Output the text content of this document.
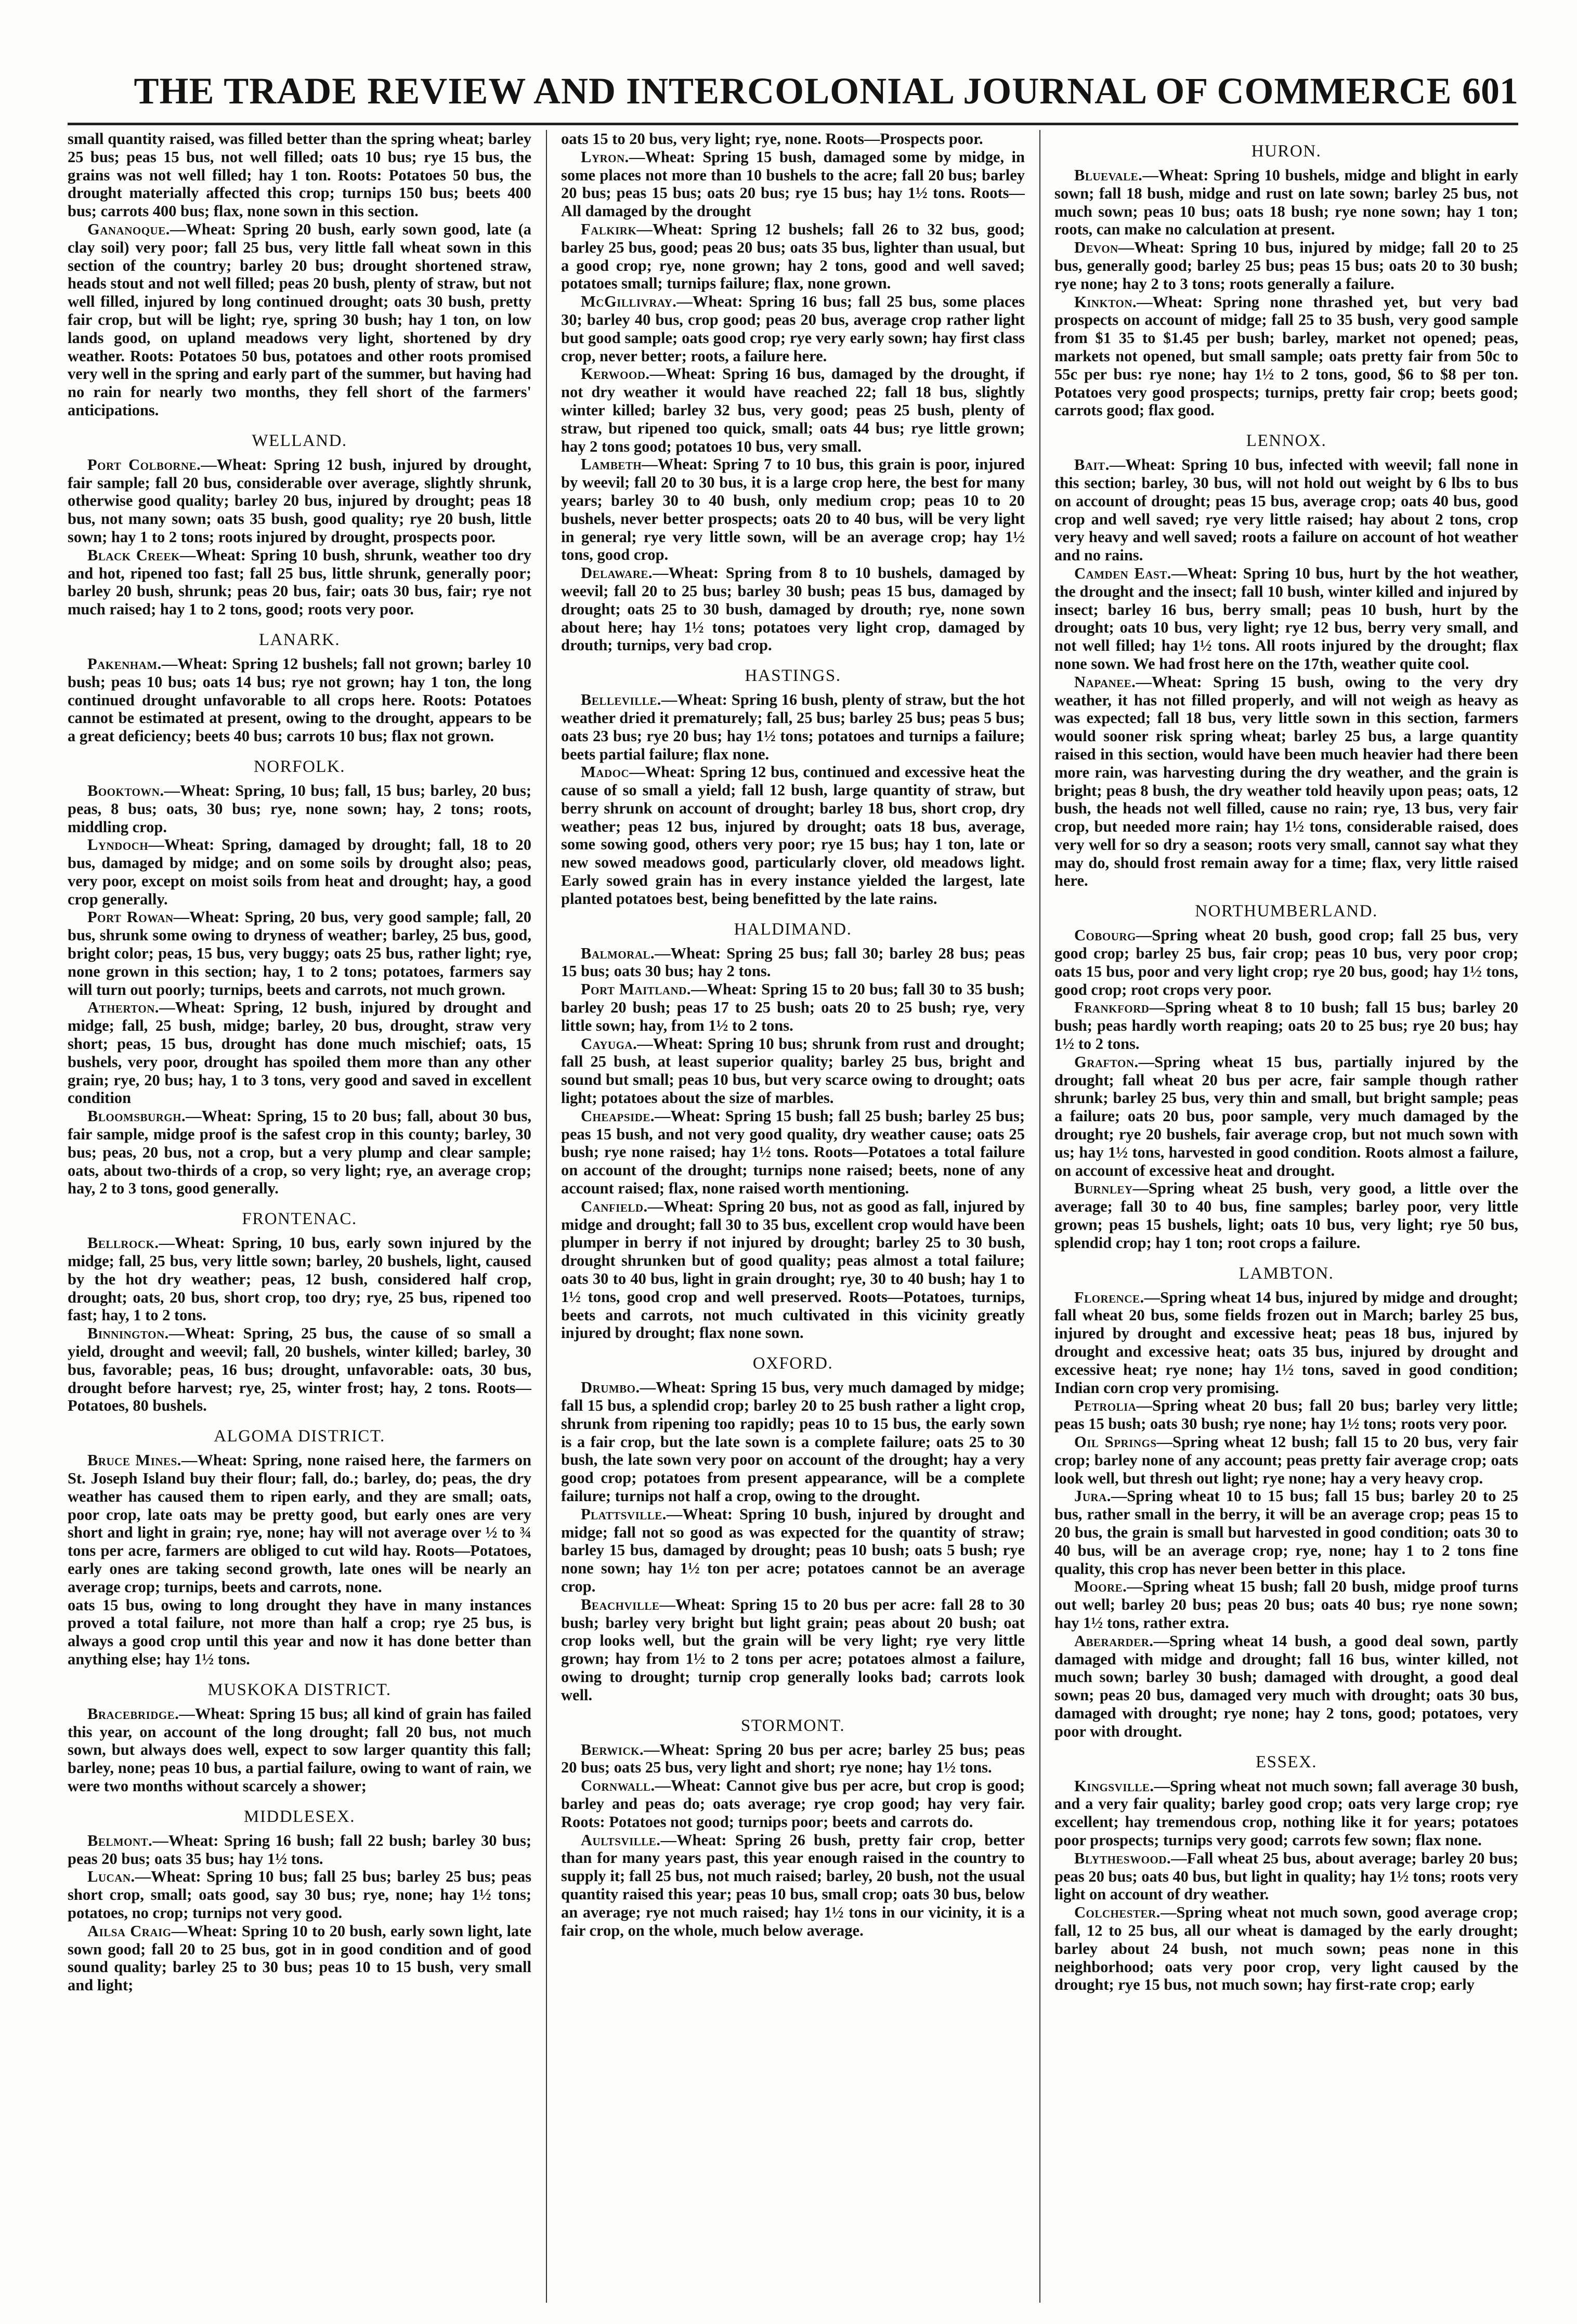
THE TRADE REVIEW AND INTERCOLONIAL JOURNAL OF COMMERCE 601

small quantity raised, was filled better than the spring wheat; barley 25 bus; peas 15 bus, not well filled; oats 10 bus; rye 15 bus, the grains was not well filled; hay 1 ton. Roots: Potatoes 50 bus, the drought materially affected this crop; turnips 150 bus; beets 400 bus; carrots 400 bus; flax, none sown in this section.

Gananoque.—Wheat: Spring 20 bush, early sown good, late (a clay soil) very poor; fall 25 bus, very little fall wheat sown in this section of the country; barley 20 bus; drought shortened straw, heads stout and not well filled; peas 20 bush, plenty of straw, but not well filled, injured by long continued drought; oats 30 bush, pretty fair crop, but will be light; rye, spring 30 bush; hay 1 ton, on low lands good, on upland meadows very light, shortened by dry weather. Roots: Potatoes 50 bus, potatoes and other roots promised very well in the spring and early part of the summer, but having had no rain for nearly two months, they fell short of the farmers' anticipations.

WELLAND.

Port Colborne.—Wheat: Spring 12 bush, injured by drought, fair sample; fall 20 bus, considerable over average, slightly shrunk, otherwise good quality; barley 20 bus, injured by drought; peas 18 bus, not many sown; oats 35 bush, good quality; rye 20 bush, little sown; hay 1 to 2 tons; roots injured by drought, prospects poor.

Black Creek—Wheat: Spring 10 bush, shrunk, weather too dry and hot, ripened too fast; fall 25 bus, little shrunk, generally poor; barley 20 bush, shrunk; peas 20 bus, fair; oats 30 bus, fair; rye not much raised; hay 1 to 2 tons, good; roots very poor.

LANARK.

Pakenham.—Wheat: Spring 12 bushels; fall not grown; barley 10 bush; peas 10 bus; oats 14 bus; rye not grown; hay 1 ton, the long continued drought unfavorable to all crops here. Roots: Potatoes cannot be estimated at present, owing to the drought, appears to be a great deficiency; beets 40 bus; carrots 10 bus; flax not grown.

NORFOLK.

Booktown.—Wheat: Spring, 10 bus; fall, 15 bus; barley, 20 bus; peas, 8 bus; oats, 30 bus; rye, none sown; hay, 2 tons; roots, middling crop.

Lyndoch—Wheat: Spring, damaged by drought; fall, 18 to 20 bus, damaged by midge; and on some soils by drought also; peas, very poor, except on moist soils from heat and drought; hay, a good crop generally.

Port Rowan—Wheat: Spring, 20 bus, very good sample; fall, 20 bus, shrunk some owing to dryness of weather; barley, 25 bus, good, bright color; peas, 15 bus, very buggy; oats 25 bus, rather light; rye, none grown in this section; hay, 1 to 2 tons; potatoes, farmers say will turn out poorly; turnips, beets and carrots, not much grown.

Atherton.—Wheat: Spring, 12 bush, injured by drought and midge; fall, 25 bush, midge; barley, 20 bus, drought, straw very short; peas, 15 bus, drought has done much mischief; oats, 15 bushels, very poor, drought has spoiled them more than any other grain; rye, 20 bus; hay, 1 to 3 tons, very good and saved in excellent condition

Bloomsburgh.—Wheat: Spring, 15 to 20 bus; fall, about 30 bus, fair sample, midge proof is the safest crop in this county; barley, 30 bus; peas, 20 bus, not a crop, but a very plump and clear sample; oats, about two-thirds of a crop, so very light; rye, an average crop; hay, 2 to 3 tons, good generally.

FRONTENAC.

Bellrock.—Wheat: Spring, 10 bus, early sown injured by the midge; fall, 25 bus, very little sown; barley, 20 bushels, light, caused by the hot dry weather; peas, 12 bush, considered half crop, drought; oats, 20 bus, short crop, too dry; rye, 25 bus, ripened too fast; hay, 1 to 2 tons.

Binnington.—Wheat: Spring, 25 bus, the cause of so small a yield, drought and weevil; fall, 20 bushels, winter killed; barley, 30 bus, favorable; peas, 16 bus; drought, unfavorable: oats, 30 bus, drought before harvest; rye, 25, winter frost; hay, 2 tons. Roots—Potatoes, 80 bushels.

ALGOMA DISTRICT.

Bruce Mines.—Wheat: Spring, none raised here, the farmers on St. Joseph Island buy their flour; fall, do.; barley, do; peas, the dry weather has caused them to ripen early, and they are small; oats, poor crop, late oats may be pretty good, but early ones are very short and light in grain; rye, none; hay will not average over ½ to ¾ tons per acre, farmers are obliged to cut wild hay. Roots—Potatoes, early ones are taking second growth, late ones will be nearly an average crop; turnips, beets and carrots, none.

oats 15 bus, owing to long drought they have in many instances proved a total failure, not more than half a crop; rye 25 bus, is always a good crop until this year and now it has done better than anything else; hay 1½ tons.

MUSKOKA DISTRICT.

Bracebridge.—Wheat: Spring 15 bus; all kind of grain has failed this year, on account of the long drought; fall 20 bus, not much sown, but always does well, expect to sow larger quantity this fall; barley, none; peas 10 bus, a partial failure, owing to want of rain, we were two months without scarcely a shower;

MIDDLESEX.

Belmont.—Wheat: Spring 16 bush; fall 22 bush; barley 30 bus; peas 20 bus; oats 35 bus; hay 1½ tons.

Lucan.—Wheat: Spring 10 bus; fall 25 bus; barley 25 bus; peas short crop, small; oats good, say 30 bus; rye, none; hay 1½ tons; potatoes, no crop; turnips not very good.

Ailsa Craig—Wheat: Spring 10 to 20 bush, early sown light, late sown good; fall 20 to 25 bus, got in in good condition and of good sound quality; barley 25 to 30 bus; peas 10 to 15 bush, very small and light;

oats 15 to 20 bus, very light; rye, none. Roots—Prospects poor.

Lyron.—Wheat: Spring 15 bush, damaged some by midge, in some places not more than 10 bushels to the acre; fall 20 bus; barley 20 bus; peas 15 bus; oats 20 bus; rye 15 bus; hay 1½ tons. Roots—All damaged by the drought

Falkirk—Wheat: Spring 12 bushels; fall 26 to 32 bus, good; barley 25 bus, good; peas 20 bus; oats 35 bus, lighter than usual, but a good crop; rye, none grown; hay 2 tons, good and well saved; potatoes small; turnips failure; flax, none grown.

McGillivray.—Wheat: Spring 16 bus; fall 25 bus, some places 30; barley 40 bus, crop good; peas 20 bus, average crop rather light but good sample; oats good crop; rye very early sown; hay first class crop, never better; roots, a failure here.

Kerwood.—Wheat: Spring 16 bus, damaged by the drought, if not dry weather it would have reached 22; fall 18 bus, slightly winter killed; barley 32 bus, very good; peas 25 bush, plenty of straw, but ripened too quick, small; oats 44 bus; rye little grown; hay 2 tons good; potatoes 10 bus, very small.

Lambeth—Wheat: Spring 7 to 10 bus, this grain is poor, injured by weevil; fall 20 to 30 bus, it is a large crop here, the best for many years; barley 30 to 40 bush, only medium crop; peas 10 to 20 bushels, never better prospects; oats 20 to 40 bus, will be very light in general; rye very little sown, will be an average crop; hay 1½ tons, good crop.

Delaware.—Wheat: Spring from 8 to 10 bushels, damaged by weevil; fall 20 to 25 bus; barley 30 bush; peas 15 bus, damaged by drought; oats 25 to 30 bush, damaged by drouth; rye, none sown about here; hay 1½ tons; potatoes very light crop, damaged by drouth; turnips, very bad crop.

HASTINGS.

Belleville.—Wheat: Spring 16 bush, plenty of straw, but the hot weather dried it prematurely; fall, 25 bus; barley 25 bus; peas 5 bus; oats 23 bus; rye 20 bus; hay 1½ tons; potatoes and turnips a failure; beets partial failure; flax none.

Madoc—Wheat: Spring 12 bus, continued and excessive heat the cause of so small a yield; fall 12 bush, large quantity of straw, but berry shrunk on account of drought; barley 18 bus, short crop, dry weather; peas 12 bus, injured by drought; oats 18 bus, average, some sowing good, others very poor; rye 15 bus; hay 1 ton, late or new sowed meadows good, particularly clover, old meadows light. Early sowed grain has in every instance yielded the largest, late planted potatoes best, being benefitted by the late rains.

HALDIMAND.

Balmoral.—Wheat: Spring 25 bus; fall 30; barley 28 bus; peas 15 bus; oats 30 bus; hay 2 tons.

Port Maitland.—Wheat: Spring 15 to 20 bus; fall 30 to 35 bush; barley 20 bush; peas 17 to 25 bush; oats 20 to 25 bush; rye, very little sown; hay, from 1½ to 2 tons.

Cayuga.—Wheat: Spring 10 bus; shrunk from rust and drought; fall 25 bush, at least superior quality; barley 25 bus, bright and sound but small; peas 10 bus, but very scarce owing to drought; oats light; potatoes about the size of marbles.

Cheapside.—Wheat: Spring 15 bush; fall 25 bush; barley 25 bus; peas 15 bush, and not very good quality, dry weather cause; oats 25 bush; rye none raised; hay 1½ tons. Roots—Potatoes a total failure on account of the drought; turnips none raised; beets, none of any account raised; flax, none raised worth mentioning.

Canfield.—Wheat: Spring 20 bus, not as good as fall, injured by midge and drought; fall 30 to 35 bus, excellent crop would have been plumper in berry if not injured by drought; barley 25 to 30 bush, drought shrunken but of good quality; peas almost a total failure; oats 30 to 40 bus, light in grain drought; rye, 30 to 40 bush; hay 1 to 1½ tons, good crop and well preserved. Roots—Potatoes, turnips, beets and carrots, not much cultivated in this vicinity greatly injured by drought; flax none sown.

OXFORD.

Drumbo.—Wheat: Spring 15 bus, very much damaged by midge; fall 15 bus, a splendid crop; barley 20 to 25 bush rather a light crop, shrunk from ripening too rapidly; peas 10 to 15 bus, the early sown is a fair crop, but the late sown is a complete failure; oats 25 to 30 bush, the late sown very poor on account of the drought; hay a very good crop; potatoes from present appearance, will be a complete failure; turnips not half a crop, owing to the drought.

Plattsville.—Wheat: Spring 10 bush, injured by drought and midge; fall not so good as was expected for the quantity of straw; barley 15 bus, damaged by drought; peas 10 bush; oats 5 bush; rye none sown; hay 1½ ton per acre; potatoes cannot be an average crop.

Beachville—Wheat: Spring 15 to 20 bus per acre: fall 28 to 30 bush; barley very bright but light grain; peas about 20 bush; oat crop looks well, but the grain will be very light; rye very little grown; hay from 1½ to 2 tons per acre; potatoes almost a failure, owing to drought; turnip crop generally looks bad; carrots look well.

STORMONT.

Berwick.—Wheat: Spring 20 bus per acre; barley 25 bus; peas 20 bus; oats 25 bus, very light and short; rye none; hay 1½ tons.

Cornwall.—Wheat: Cannot give bus per acre, but crop is good; barley and peas do; oats average; rye crop good; hay very fair. Roots: Potatoes not good; turnips poor; beets and carrots do.

Aultsville.—Wheat: Spring 26 bush, pretty fair crop, better than for many years past, this year enough raised in the country to supply it; fall 25 bus, not much raised; barley, 20 bush, not the usual quantity raised this year; peas 10 bus, small crop; oats 30 bus, below an average; rye not much raised; hay 1½ tons in our vicinity, it is a fair crop, on the whole, much below average.

HURON.

Bluevale.—Wheat: Spring 10 bushels, midge and blight in early sown; fall 18 bush, midge and rust on late sown; barley 25 bus, not much sown; peas 10 bus; oats 18 bush; rye none sown; hay 1 ton; roots, can make no calculation at present.

Devon—Wheat: Spring 10 bus, injured by midge; fall 20 to 25 bus, generally good; barley 25 bus; peas 15 bus; oats 20 to 30 bush; rye none; hay 2 to 3 tons; roots generally a failure.

Kinkton.—Wheat: Spring none thrashed yet, but very bad prospects on account of midge; fall 25 to 35 bush, very good sample from $1 35 to $1.45 per bush; barley, market not opened; peas, markets not opened, but small sample; oats pretty fair from 50c to 55c per bus: rye none; hay 1½ to 2 tons, good, $6 to $8 per ton. Potatoes very good prospects; turnips, pretty fair crop; beets good; carrots good; flax good.

LENNOX.

Bait.—Wheat: Spring 10 bus, infected with weevil; fall none in this section; barley, 30 bus, will not hold out weight by 6 lbs to bus on account of drought; peas 15 bus, average crop; oats 40 bus, good crop and well saved; rye very little raised; hay about 2 tons, crop very heavy and well saved; roots a failure on account of hot weather and no rains.

Camden East.—Wheat: Spring 10 bus, hurt by the hot weather, the drought and the insect; fall 10 bush, winter killed and injured by insect; barley 16 bus, berry small; peas 10 bush, hurt by the drought; oats 10 bus, very light; rye 12 bus, berry very small, and not well filled; hay 1½ tons. All roots injured by the drought; flax none sown. We had frost here on the 17th, weather quite cool.

Napanee.—Wheat: Spring 15 bush, owing to the very dry weather, it has not filled properly, and will not weigh as heavy as was expected; fall 18 bus, very little sown in this section, farmers would sooner risk spring wheat; barley 25 bus, a large quantity raised in this section, would have been much heavier had there been more rain, was harvesting during the dry weather, and the grain is bright; peas 8 bush, the dry weather told heavily upon peas; oats, 12 bush, the heads not well filled, cause no rain; rye, 13 bus, very fair crop, but needed more rain; hay 1½ tons, considerable raised, does very well for so dry a season; roots very small, cannot say what they may do, should frost remain away for a time; flax, very little raised here.

NORTHUMBERLAND.

Cobourg—Spring wheat 20 bush, good crop; fall 25 bus, very good crop; barley 25 bus, fair crop; peas 10 bus, very poor crop; oats 15 bus, poor and very light crop; rye 20 bus, good; hay 1½ tons, good crop; root crops very poor.

Frankford—Spring wheat 8 to 10 bush; fall 15 bus; barley 20 bush; peas hardly worth reaping; oats 20 to 25 bus; rye 20 bus; hay 1½ to 2 tons.

Grafton.—Spring wheat 15 bus, partially injured by the drought; fall wheat 20 bus per acre, fair sample though rather shrunk; barley 25 bus, very thin and small, but bright sample; peas a failure; oats 20 bus, poor sample, very much damaged by the drought; rye 20 bushels, fair average crop, but not much sown with us; hay 1½ tons, harvested in good condition. Roots almost a failure, on account of excessive heat and drought.

Burnley—Spring wheat 25 bush, very good, a little over the average; fall 30 to 40 bus, fine samples; barley poor, very little grown; peas 15 bushels, light; oats 10 bus, very light; rye 50 bus, splendid crop; hay 1 ton; root crops a failure.

LAMBTON.

Florence.—Spring wheat 14 bus, injured by midge and drought; fall wheat 20 bus, some fields frozen out in March; barley 25 bus, injured by drought and excessive heat; peas 18 bus, injured by drought and excessive heat; oats 35 bus, injured by drought and excessive heat; rye none; hay 1½ tons, saved in good condition; Indian corn crop very promising.

Petrolia—Spring wheat 20 bus; fall 20 bus; barley very little; peas 15 bush; oats 30 bush; rye none; hay 1½ tons; roots very poor.

Oil Springs—Spring wheat 12 bush; fall 15 to 20 bus, very fair crop; barley none of any account; peas pretty fair average crop; oats look well, but thresh out light; rye none; hay a very heavy crop.

Jura.—Spring wheat 10 to 15 bus; fall 15 bus; barley 20 to 25 bus, rather small in the berry, it will be an average crop; peas 15 to 20 bus, the grain is small but harvested in good condition; oats 30 to 40 bus, will be an average crop; rye, none; hay 1 to 2 tons fine quality, this crop has never been better in this place.

Moore.—Spring wheat 15 bush; fall 20 bush, midge proof turns out well; barley 20 bus; peas 20 bus; oats 40 bus; rye none sown; hay 1½ tons, rather extra.

Aberarder.—Spring wheat 14 bush, a good deal sown, partly damaged with midge and drought; fall 16 bus, winter killed, not much sown; barley 30 bush; damaged with drought, a good deal sown; peas 20 bus, damaged very much with drought; oats 30 bus, damaged with drought; rye none; hay 2 tons, good; potatoes, very poor with drought.

ESSEX.

Kingsville.—Spring wheat not much sown; fall average 30 bush, and a very fair quality; barley good crop; oats very large crop; rye excellent; hay tremendous crop, nothing like it for years; potatoes poor prospects; turnips very good; carrots few sown; flax none.

Blytheswood.—Fall wheat 25 bus, about average; barley 20 bus; peas 20 bus; oats 40 bus, but light in quality; hay 1½ tons; roots very light on account of dry weather.

Colchester.—Spring wheat not much sown, good average crop; fall, 12 to 25 bus, all our wheat is damaged by the early drought; barley about 24 bush, not much sown; peas none in this neighborhood; oats very poor crop, very light caused by the drought; rye 15 bus, not much sown; hay first-rate crop; early
